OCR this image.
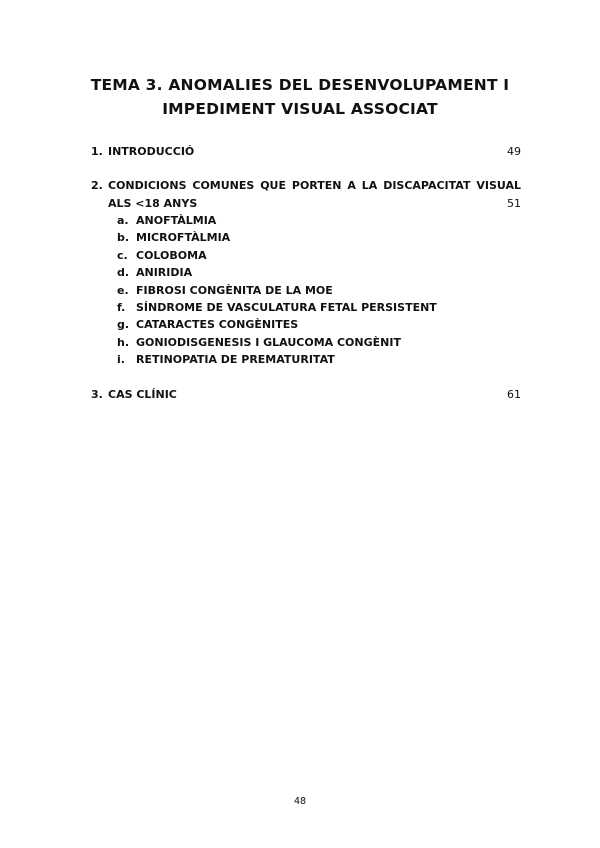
TEMA 3. ANOMALIES DEL DESENVOLUPAMENT I
IMPEDIMENT VISUAL ASSOCIAT
1. INTRODUCCIÓ	49
2. CONDICIONS COMUNES QUE PORTEN A LA DISCAPACITAT VISUAL ALS <18 ANYS	51
a. ANOFTÀLMIA
b. MICROFTÀLMIA
c. COLOBOMA
d. ANIRIDIA
e. FIBROSI CONGÈNITA DE LA MOE
f. SÍNDROME DE VASCULATURA FETAL PERSISTENT
g. CATARACTES CONGÈNITES
h. GONIODISGENESIS I GLAUCOMA CONGÈNIT
i. RETINOPATIA DE PREMATURITAT
3. CAS CLÍNIC	61
48
